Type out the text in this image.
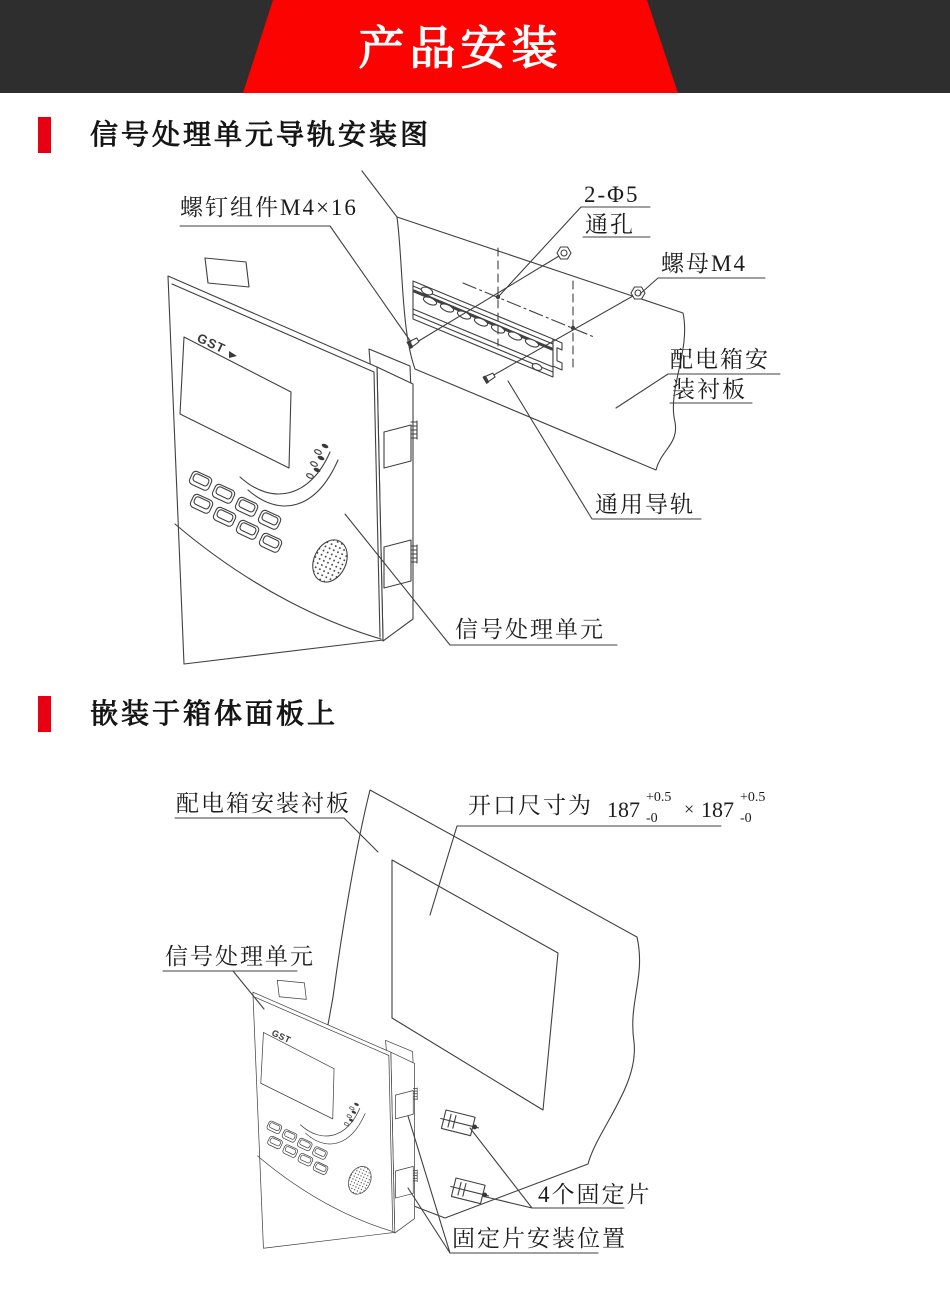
产品安装
信号处理单元导轨安装图
嵌装于箱体面板上
GST
螺钉组件M4×16
2-Φ5
通孔
螺母M4
配电箱安
装衬板
通用导轨
信号处理单元
GST
配电箱安装衬板	开口尺寸为 187 +0.5
-0 × 187 +0.5
-0
信号处理单元
4个固定片
固定片安装位置
